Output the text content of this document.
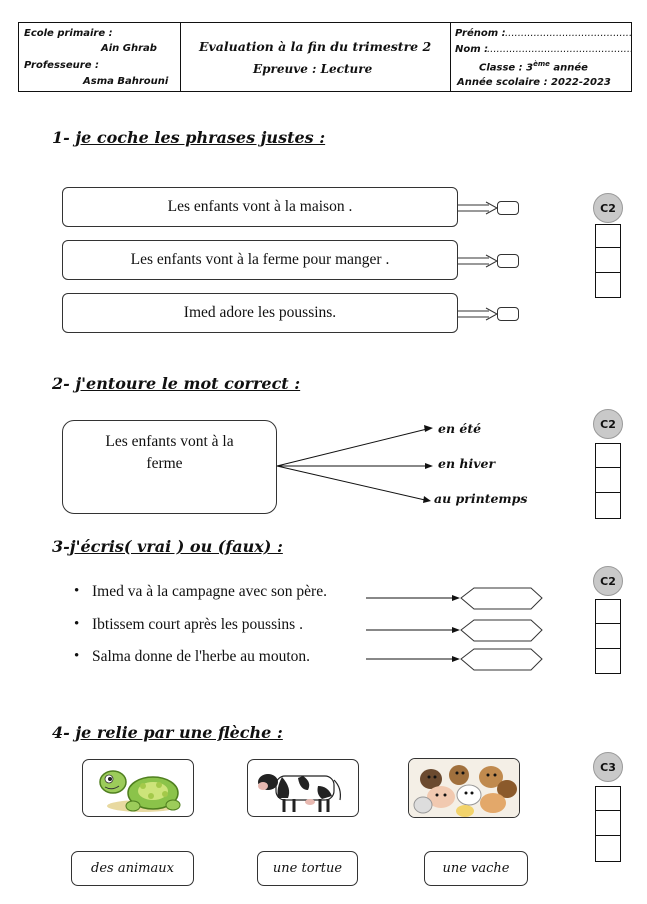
Ecole primaire :
Ain Ghrab
Professeure :
Asma Bahrouni
Evaluation à la fin du trimestre 2
Epreuve : Lecture
Prénom : ........................................
Nom :
..............................................
Classe : 3ème année
Année scolaire : 2022-2023
1- je coche les phrases justes :
Les enfants vont à la maison .
Les enfants vont à la ferme pour manger .
Imed adore les poussins.
C2
2- j'entoure le mot correct :
Les enfants vont à la
ferme
en été
en hiver
au printemps
C2
3-j'écris( vrai ) ou (faux) :
• Imed va à la campagne avec son père.
• Ibtissem court après les poussins .
• Salma donne de l'herbe au mouton.
C2
4- je relie par une flèche :
des animaux	une tortue	une vache
C3
